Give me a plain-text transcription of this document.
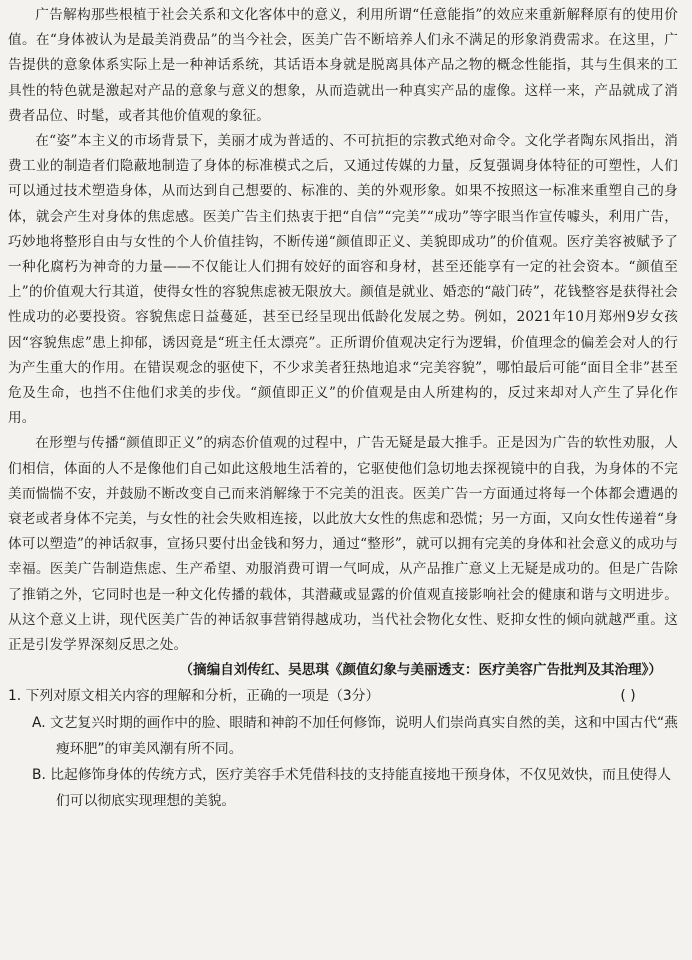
广告解构那些根植于社会关系和文化客体中的意义，利用所谓“任意能指”的效应来重新解释原有的使用价值。在“身体被认为是最美消费品”的当今社会，医美广告不断培养人们永不满足的形象消费需求。在这里，广告提供的意象体系实际上是一种神话系统，其话语本身就是脱离具体产品之物的概念性能指，其与生俱来的工具性的特色就是激起对产品的意象与意义的想象，从而造就出一种真实产品的虚像。这样一来，产品就成了消费者品位、时髦，或者其他价值观的象征。

在“姿”本主义的市场背景下，美丽才成为普适的、不可抗拒的宗教式绝对命令。文化学者陶东风指出，消费工业的制造者们隐蔽地制造了身体的标准模式之后，又通过传媒的力量，反复强调身体特征的可塑性，人们可以通过技术塑造身体，从而达到自己想要的、标准的、美的外观形象。如果不按照这一标准来重塑自己的身体，就会产生对身体的焦虑感。医美广告主们热衷于把“自信”“完美”“成功”等字眼当作宣传噱头，利用广告，巧妙地将整形自由与女性的个人价值挂钩，不断传递“颜值即正义、美貌即成功”的价值观。医疗美容被赋予了一种化腐朽为神奇的力量——不仅能让人们拥有姣好的面容和身材，甚至还能享有一定的社会资本。“颜值至上”的价值观大行其道，使得女性的容貌焦虑被无限放大。颜值是就业、婚恋的“敲门砖”，花钱整容是获得社会性成功的必要投资。容貌焦虑日益蔓延，甚至已经呈现出低龄化发展之势。例如，2021年10月郑州9岁女孩因“容貌焦虑”患上抑郁，诱因竟是“班主任太漂亮”。正所谓价值观决定行为逻辑，价值理念的偏差会对人的行为产生重大的作用。在错误观念的驱使下，不少求美者狂热地追求“完美容貌”，哪怕最后可能“面目全非”甚至危及生命，也挡不住他们求美的步伐。“颜值即正义”的价值观是由人所建构的，反过来却对人产生了异化作用。

在形塑与传播“颜值即正义”的病态价值观的过程中，广告无疑是最大推手。正是因为广告的软性劝服，人们相信，体面的人不是像他们自己如此这般地生活着的，它驱使他们急切地去探视镜中的自我，为身体的不完美而惴惴不安，并鼓励不断改变自己而来消解缘于不完美的沮丧。医美广告一方面通过将每一个体都会遭遇的衰老或者身体不完美，与女性的社会失败相连接，以此放大女性的焦虑和恐慌；另一方面，又向女性传递着“身体可以塑造”的神话叙事，宣扬只要付出金钱和努力，通过“整形”，就可以拥有完美的身体和社会意义的成功与幸福。医美广告制造焦虑、生产希望、劝服消费可谓一气呵成，从产品推广意义上无疑是成功的。但是广告除了推销之外，它同时也是一种文化传播的载体，其潜藏或显露的价值观直接影响社会的健康和谐与文明进步。从这个意义上讲，现代医美广告的神话叙事营销得越成功，当代社会物化女性、贬抑女性的倾向就越严重。这正是引发学界深刻反思之处。

（摘编自刘传红、吴思琪《颜值幻象与美丽透支：医疗美容广告批判及其治理》）

1. 下列对原文相关内容的理解和分析，正确的一项是（3分）	( )
A. 文艺复兴时期的画作中的脸、眼睛和神韵不加任何修饰，说明人们崇尚真实自然的美，这和中国古代“燕瘦环肥”的审美风潮有所不同。
B. 比起修饰身体的传统方式，医疗美容手术凭借科技的支持能直接地干预身体，不仅见效快，而且使得人们可以彻底实现理想的美貌。
